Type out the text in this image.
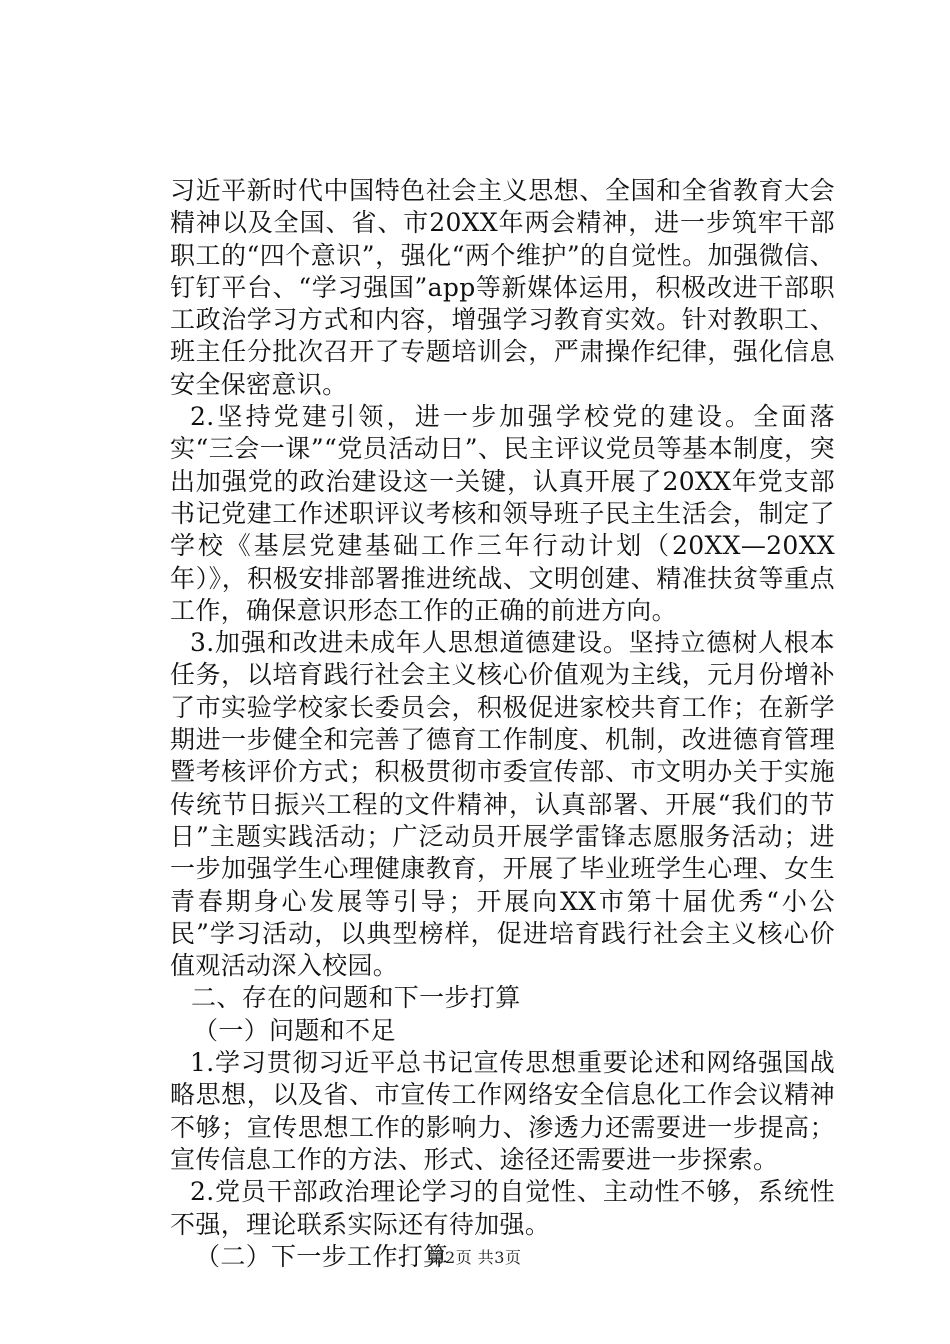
习近平新时代中国特色社会主义思想、全国和全省教育大会精神以及全国、省、市20XX年两会精神，进一步筑牢干部职工的“四个意识”，强化“两个维护”的自觉性。加强微信、钉钉平台、“学习强国”app等新媒体运用，积极改进干部职工政治学习方式和内容，增强学习教育实效。针对教职工、班主任分批次召开了专题培训会，严肃操作纪律，强化信息安全保密意识。

2.坚持党建引领，进一步加强学校党的建设。全面落实“三会一课”“党员活动日”、民主评议党员等基本制度，突出加强党的政治建设这一关键，认真开展了20XX年党支部书记党建工作述职评议考核和领导班子民主生活会，制定了学校《基层党建基础工作三年行动计划（20XX—20XX年）》，积极安排部署推进统战、文明创建、精准扶贫等重点工作，确保意识形态工作的正确的前进方向。

3.加强和改进未成年人思想道德建设。坚持立德树人根本任务，以培育践行社会主义核心价值观为主线，元月份增补了市实验学校家长委员会，积极促进家校共育工作；在新学期进一步健全和完善了德育工作制度、机制，改进德育管理暨考核评价方式；积极贯彻市委宣传部、市文明办关于实施传统节日振兴工程的文件精神，认真部署、开展“我们的节日”主题实践活动；广泛动员开展学雷锋志愿服务活动；进一步加强学生心理健康教育，开展了毕业班学生心理、女生青春期身心发展等引导；开展向XX市第十届优秀“小公民”学习活动，以典型榜样，促进培育践行社会主义核心价值观活动深入校园。

二、存在的问题和下一步打算

（一）问题和不足

1.学习贯彻习近平总书记宣传思想重要论述和网络强国战略思想，以及省、市宣传工作网络安全信息化工作会议精神不够；宣传思想工作的影响力、渗透力还需要进一步提高；宣传信息工作的方法、形式、途径还需要进一步探索。

2.党员干部政治理论学习的自觉性、主动性不够，系统性不强，理论联系实际还有待加强。

（二）下一步工作打算

第2页 共3页
